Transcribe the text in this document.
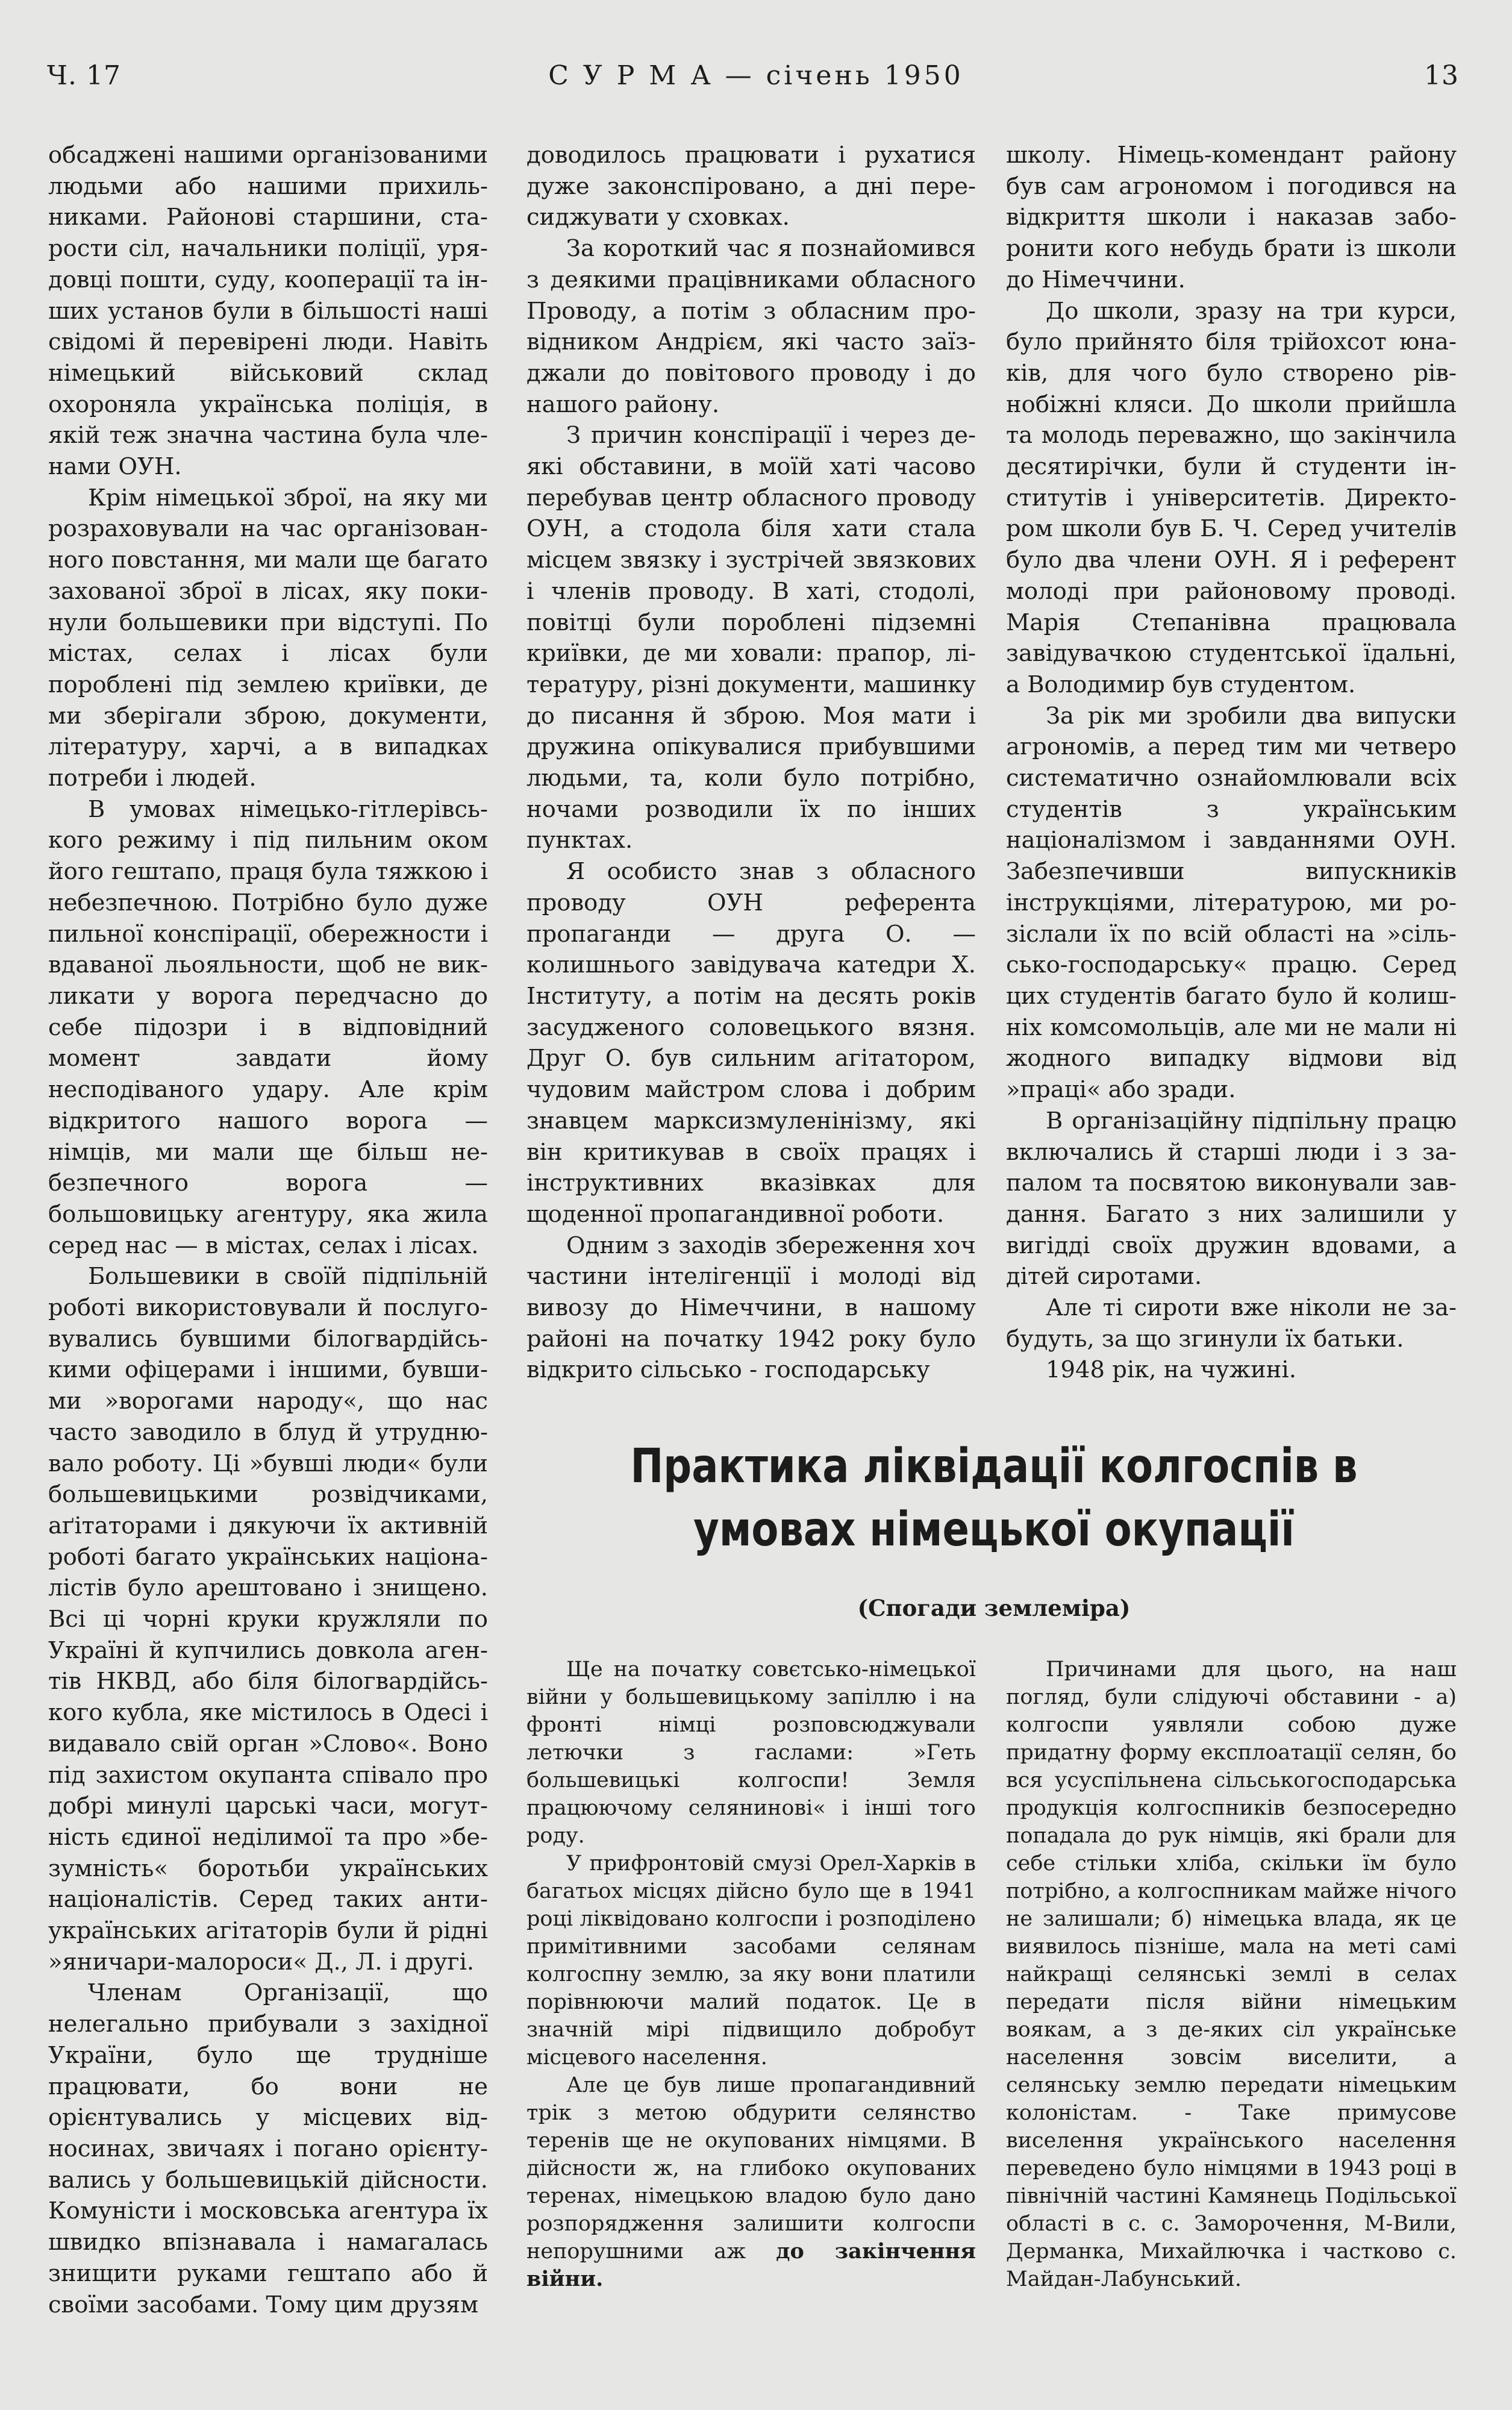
Ч. 17	С У Р М А — січень 1950	13

обсаджені нашими організованими людьми або нашими прихильниками. Районові старшини, старости сіл, начальники поліції, урядовці пошти, суду, кооперації та інших установ були в більшості наші свідомі й перевірені люди. Навіть німецький військовий склад охороняла українська поліція, в якій теж значна частина була членами ОУН.

Крім німецької зброї, на яку ми розраховували на час організованного повстання, ми мали ще багато захованої зброї в лісах, яку покинули большевики при відступі. По містах, селах і лісах були пороблені під землею криївки, де ми зберігали зброю, документи, літературу, харчі, а в випадках потреби і людей.

В умовах німецько-гітлерівського режиму і під пильним оком його гештапо, праця була тяжкою і небезпечною. Потрібно було дуже пильної конспірації, обережности і вдаваної льояльности, щоб не викликати у ворога передчасно до себе підозри і в відповідний момент завдати йому несподіваного удару. Але крім відкритого нашого ворога — німців, ми мали ще більш небезпечного ворога — большовицьку агентуру, яка жила серед нас — в містах, селах і лісах.

Большевики в своїй підпільній роботі використовували й послуговувались бувшими білогвардійськими офіцерами і іншими, бувшими »ворогами народу«, що нас часто заводило в блуд й утруднювало роботу. Ці »бувші люди« були большевицькими розвідчиками, аґітаторами і дякуючи їх активній роботі багато українських націоналістів було арештовано і знищено. Всі ці чорні круки кружляли по Україні й купчились довкола агентів НКВД, або біля білогвардійського кубла, яке містилось в Одесі і видавало свій орган »Слово«. Воно під захистом окупанта співало про добрі минулі царські часи, могутність єдиної неділимої та про »безумність« боротьби українських націоналістів. Серед таких антиукраїнських агітаторів були й рідні »яничари-малороси« Д., Л. і другі.

Членам Організації, що нелегально прибували з західної України, було ще трудніше працювати, бо вони не орієнтувались у місцевих відносинах, звичаях і погано орієнтувались у большевицькій дійсности. Комуністи і московська агентура їх швидко впізнавала і намагалась знищити руками гештапо або й своїми засобами. Тому цим друзям

доводилось працювати і рухатися дуже законспіровано, а дні пересиджувати у сховках.

За короткий час я познайомився з деякими працівниками обласного Проводу, а потім з обласним провідником Андрієм, які часто заїзджали до повітового проводу і до нашого району.

З причин конспірації і через деякі обставини, в моїй хаті часово перебував центр обласного проводу ОУН, а стодола біля хати стала місцем звязку і зустрічей звязкових і членів проводу. В хаті, стодолі, повітці були пороблені підземні криївки, де ми ховали: прапор, літературу, різні документи, машинку до писання й зброю. Моя мати і дружина опікувалися прибувшими людьми, та, коли було потрібно, ночами розводили їх по інших пунктах.

Я особисто знав з обласного проводу ОУН референта пропаганди — друга О. — колишнього завідувача катедри Х. Інституту, а потім на десять років засудженого соловецького вязня. Друг О. був сильним агітатором, чудовим майстром слова і добрим знавцем марксизмуленінізму, які він критикував в своїх працях і інструктивних вказівках для щоденної пропагандивної роботи.

Одним з заходів збереження хоч частини інтелігенції і молоді від вивозу до Німеччини, в нашому районі на початку 1942 року було відкрито сільсько - господарську

школу. Німець-комендант району був сам агрономом і погодився на відкриття школи і наказав заборонити кого небудь брати із школи до Німеччини.

До школи, зразу на три курси, було прийнято біля трійохсот юнаків, для чого було створено рівнобіжні кляси. До школи прийшла та молодь переважно, що закінчила десятирічки, були й студенти інститутів і університетів. Директором школи був Б. Ч. Серед учителів було два члени ОУН. Я і референт молоді при районовому проводі. Марія Степанівна працювала завідувачкою студентської їдальні, а Володимир був студентом.

За рік ми зробили два випуски агрономів, а перед тим ми четверо систематично ознайомлювали всіх студентів з українським націоналізмом і завданнями ОУН. Забезпечивши випускників інструкціями, літературою, ми розіслали їх по всій області на »сільсько-господарську« працю. Серед цих студентів багато було й колишніх комсомольців, але ми не мали ні жодного випадку відмови від »праці« або зради.

В організаційну підпільну працю включались й старші люди і з запалом та посвятою виконували завдання. Багато з них залишили у вигідді своїх дружин вдовами, а дітей сиротами.

Але ті сироти вже ніколи не забудуть, за що згинули їх батьки.

1948 рік, на чужині.

Практика ліквідації колгоспів в умовах німецької окупації
(Спогади землеміра)

Ще на початку совєтсько-німецької війни у большевицькому запіллю і на фронті німці розповсюджували летючки з гаслами: »Геть большевицькі колгоспи! Земля працюючому селянинові« і інші того роду.

У прифронтовій смузі Орел-Харків в багатьох місцях дійсно було ще в 1941 році ліквідовано колгоспи і розподілено примітивними засобами селянам колгоспну землю, за яку вони платили порівнюючи малий податок. Це в значній мірі підвищило добробут місцевого населення.

Але це був лише пропагандивний трік з метою обдурити селянство теренів ще не окупованих німцями. В дійсности ж, на глибоко окупованих теренах, німецькою владою було дано розпорядження залишити колгоспи непорушними аж до закінчення війни.

Причинами для цього, на наш погляд, були слідуючі обставини - а) колгоспи уявляли собою дуже придатну форму експлоатації селян, бо вся усуспільнена сільськогосподарська продукція колгоспників безпосередно попадала до рук німців, які брали для себе стільки хліба, скільки їм було потрібно, а колгоспникам майже нічого не залишали; б) німецька влада, як це виявилось пізніше, мала на меті самі найкращі селянські землі в селах передати після війни німецьким воякам, а з де-яких сіл українське населення зовсім виселити, а селянську землю передати німецьким колоністам. - Таке примусове виселення українського населення переведено було німцями в 1943 році в північній частині Камянець Подільської області в с. с. Заморочення, М-Вили, Дерманка, Михайлючка і частково с. Майдан-Лабунський.
